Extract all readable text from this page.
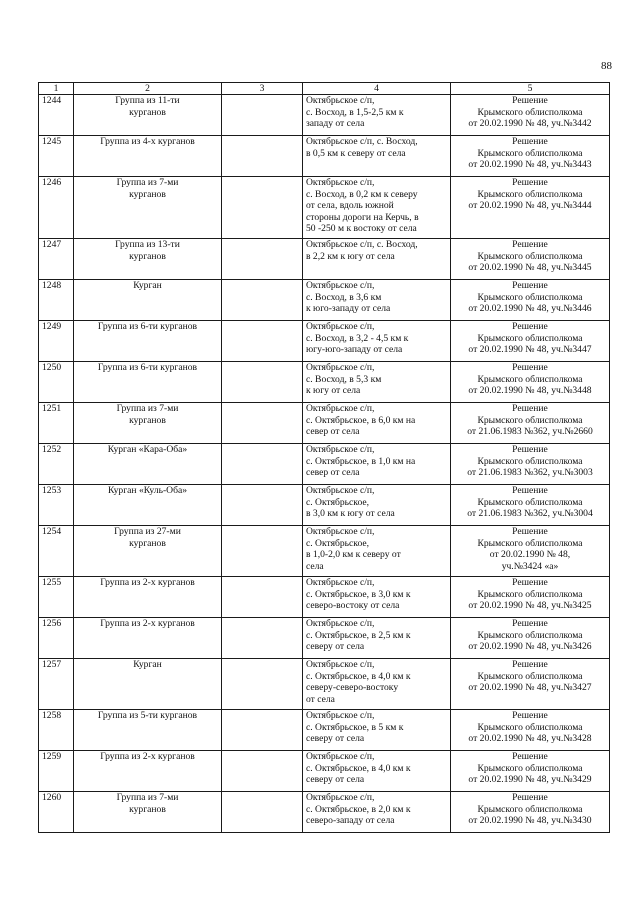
88
1	2	3	4	5
1244	Группа из 11-ти
курганов		Октябрьское с/п,
с. Восход, в 1,5-2,5 км к
западу от села	Решение
Крымского облисполкома
от 20.02.1990 № 48, уч.№3442

1245	Группа из 4-х курганов		Октябрьское с/п, с. Восход,
в 0,5 км к северу от села	Решение
Крымского облисполкома
от 20.02.1990 № 48, уч.№3443

1246	Группа из 7-ми
курганов		Октябрьское с/п,
с. Восход, в 0,2 км к северу
от села, вдоль южной
стороны дороги на Керчь, в
50 -250 м к востоку от села	Решение
Крымского облисполкома
от 20.02.1990 № 48, уч.№3444

1247	Группа из 13-ти
курганов		Октябрьское с/п, с. Восход,
в 2,2 км к югу от села	Решение
Крымского облисполкома
от 20.02.1990 № 48, уч.№3445

1248	Курган		Октябрьское с/п,
с. Восход, в 3,6 км
к юго-западу от села	Решение
Крымского облисполкома
от 20.02.1990 № 48, уч.№3446

1249	Группа из 6-ти курганов		Октябрьское с/п,
с. Восход, в 3,2 - 4,5 км к
югу-юго-западу от села	Решение
Крымского облисполкома
от 20.02.1990 № 48, уч.№3447

1250	Группа из 6-ти курганов		Октябрьское с/п,
с. Восход, в 5,3 км
к югу от села	Решение
Крымского облисполкома
от 20.02.1990 № 48, уч.№3448

1251	Группа из 7-ми
курганов		Октябрьское с/п,
с. Октябрьское, в 6,0 км на
север от села	Решение
Крымского облисполкома
от 21.06.1983 №362, уч.№2660

1252	Курган «Кара-Оба»		Октябрьское с/п,
с. Октябрьское, в 1,0 км на
север от села	Решение
Крымского облисполкома
от 21.06.1983 №362, уч.№3003

1253	Курган «Куль-Оба»		Октябрьское с/п,
с. Октябрьское,
в 3,0 км к югу от села	Решение
Крымского облисполкома
от 21.06.1983 №362, уч.№3004

1254	Группа из 27-ми
курганов		Октябрьское с/п,
с. Октябрьское,
в 1,0-2,0 км к северу от
села	Решение
Крымского облисполкома
от 20.02.1990 № 48,
уч.№3424 «а»

1255	Группа из 2-х курганов		Октябрьское с/п,
с. Октябрьское, в 3,0 км к
северо-востоку от села	Решение
Крымского облисполкома
от 20.02.1990 № 48, уч.№3425

1256	Группа из 2-х курганов		Октябрьское с/п,
с. Октябрьское, в 2,5 км к
северу от села	Решение
Крымского облисполкома
от 20.02.1990 № 48, уч.№3426

1257	Курган		Октябрьское с/п,
с. Октябрьское, в 4,0 км к
северу-северо-востоку
от села	Решение
Крымского облисполкома
от 20.02.1990 № 48, уч.№3427

1258	Группа из 5-ти курганов		Октябрьское с/п,
с. Октябрьское, в 5 км к
северу от села	Решение
Крымского облисполкома
от 20.02.1990 № 48, уч.№3428

1259	Группа из 2-х курганов		Октябрьское с/п,
с. Октябрьское, в 4,0 км к
северу от села	Решение
Крымского облисполкома
от 20.02.1990 № 48, уч.№3429

1260	Группа из 7-ми
курганов		Октябрьское с/п,
с. Октябрьское, в 2,0 км к
северо-западу от села	Решение
Крымского облисполкома
от 20.02.1990 № 48, уч.№3430
